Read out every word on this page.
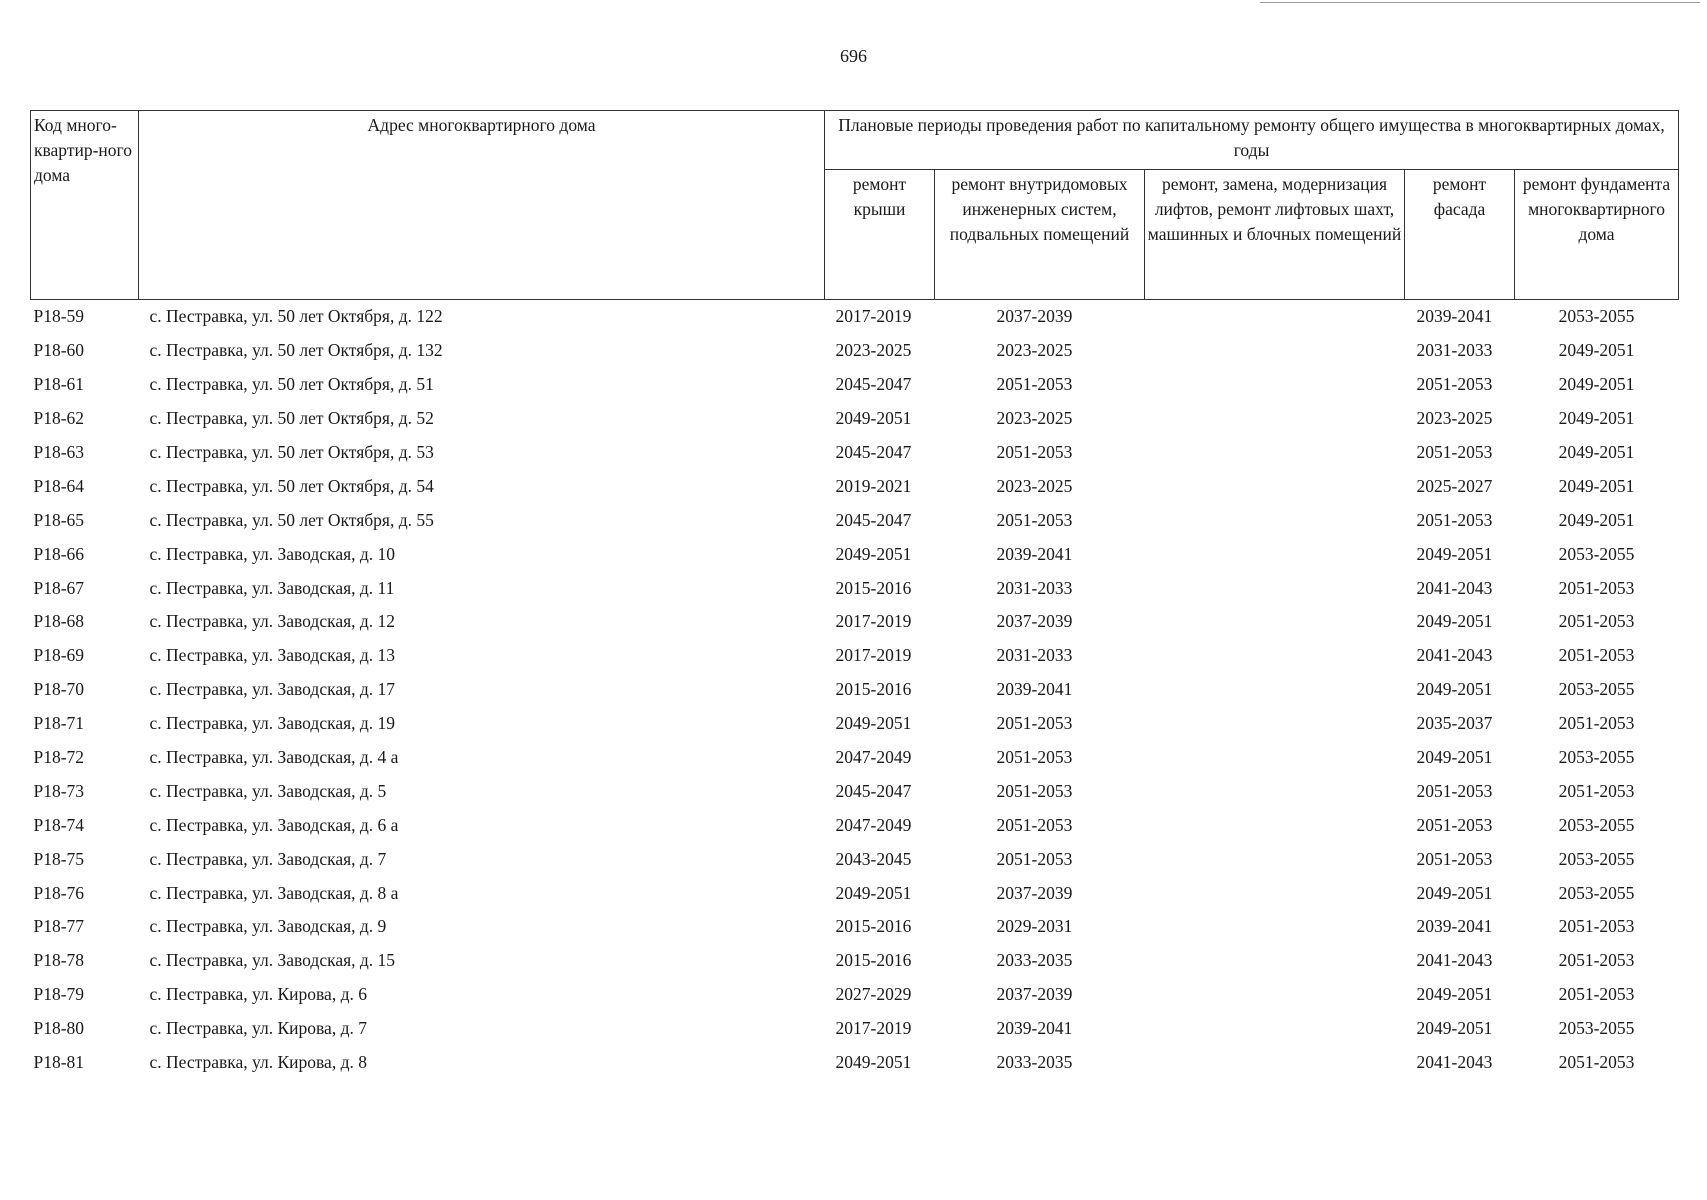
696
Код много-квартир-ного дома	Адрес многоквартирного дома	Плановые периоды проведения работ по капитальному ремонту общего имущества в многоквартирных домах, годы				
		ремонт крыши	ремонт внутридомовых инженерных систем, подвальных помещений	ремонт, замена, модернизация лифтов, ремонт лифтовых шахт, машинных и блочных помещений	ремонт фасада	ремонт фундамента многоквартирного дома
P18-59	с. Пестравка, ул. 50 лет Октября, д. 122	2017-2019	2037-2039		2039-2041	2053-2055
P18-60	с. Пестравка, ул. 50 лет Октября, д. 132	2023-2025	2023-2025		2031-2033	2049-2051
P18-61	с. Пестравка, ул. 50 лет Октября, д. 51	2045-2047	2051-2053		2051-2053	2049-2051
P18-62	с. Пестравка, ул. 50 лет Октября, д. 52	2049-2051	2023-2025		2023-2025	2049-2051
P18-63	с. Пестравка, ул. 50 лет Октября, д. 53	2045-2047	2051-2053		2051-2053	2049-2051
P18-64	с. Пестравка, ул. 50 лет Октября, д. 54	2019-2021	2023-2025		2025-2027	2049-2051
P18-65	с. Пестравка, ул. 50 лет Октября, д. 55	2045-2047	2051-2053		2051-2053	2049-2051
P18-66	с. Пестравка, ул. Заводская, д. 10	2049-2051	2039-2041		2049-2051	2053-2055
P18-67	с. Пестравка, ул. Заводская, д. 11	2015-2016	2031-2033		2041-2043	2051-2053
P18-68	с. Пестравка, ул. Заводская, д. 12	2017-2019	2037-2039		2049-2051	2051-2053
P18-69	с. Пестравка, ул. Заводская, д. 13	2017-2019	2031-2033		2041-2043	2051-2053
P18-70	с. Пестравка, ул. Заводская, д. 17	2015-2016	2039-2041		2049-2051	2053-2055
P18-71	с. Пестравка, ул. Заводская, д. 19	2049-2051	2051-2053		2035-2037	2051-2053
P18-72	с. Пестравка, ул. Заводская, д. 4 а	2047-2049	2051-2053		2049-2051	2053-2055
P18-73	с. Пестравка, ул. Заводская, д. 5	2045-2047	2051-2053		2051-2053	2051-2053
P18-74	с. Пестравка, ул. Заводская, д. 6 а	2047-2049	2051-2053		2051-2053	2053-2055
P18-75	с. Пестравка, ул. Заводская, д. 7	2043-2045	2051-2053		2051-2053	2053-2055
P18-76	с. Пестравка, ул. Заводская, д. 8 а	2049-2051	2037-2039		2049-2051	2053-2055
P18-77	с. Пестравка, ул. Заводская, д. 9	2015-2016	2029-2031		2039-2041	2051-2053
P18-78	с. Пестравка, ул. Заводская, д. 15	2015-2016	2033-2035		2041-2043	2051-2053
P18-79	с. Пестравка, ул. Кирова, д. 6	2027-2029	2037-2039		2049-2051	2051-2053
P18-80	с. Пестравка, ул. Кирова, д. 7	2017-2019	2039-2041		2049-2051	2053-2055
P18-81	с. Пестравка, ул. Кирова, д. 8	2049-2051	2033-2035		2041-2043	2051-2053
